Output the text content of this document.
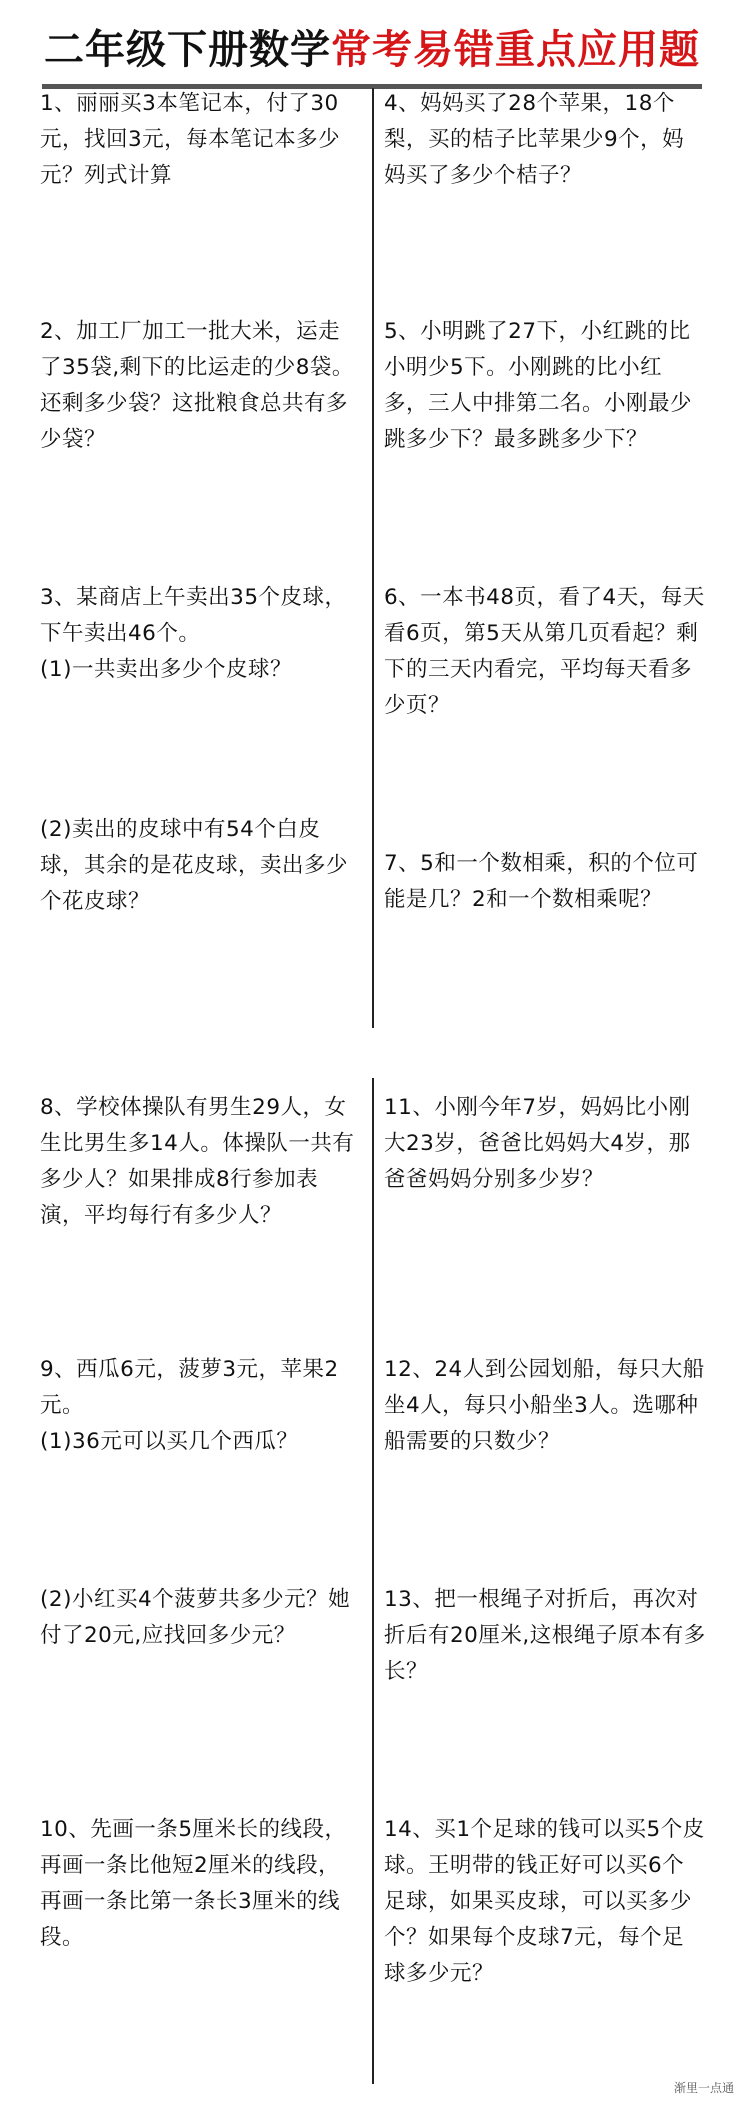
二年级下册数学常考易错重点应用题

1、丽丽买3本笔记本，付了30元，找回3元，每本笔记本多少元？列式计算

4、妈妈买了28个苹果，18个梨，买的桔子比苹果少9个，妈妈买了多少个桔子？

2、加工厂加工一批大米，运走了35袋,剩下的比运走的少8袋。还剩多少袋？这批粮食总共有多少袋？

5、小明跳了27下，小红跳的比小明少5下。小刚跳的比小红多，三人中排第二名。小刚最少跳多少下？最多跳多少下？

3、某商店上午卖出35个皮球，下午卖出46个。
(1)一共卖出多少个皮球？

6、一本书48页，看了4天，每天看6页，第5天从第几页看起？剩下的三天内看完，平均每天看多少页？

(2)卖出的皮球中有54个白皮球，其余的是花皮球，卖出多少个花皮球？

7、5和一个数相乘，积的个位可能是几？2和一个数相乘呢？

8、学校体操队有男生29人，女生比男生多14人。体操队一共有多少人？如果排成8行参加表演，平均每行有多少人？

11、小刚今年7岁，妈妈比小刚大23岁，爸爸比妈妈大4岁，那爸爸妈妈分别多少岁？

9、西瓜6元，菠萝3元，苹果2元。
(1)36元可以买几个西瓜？

12、24人到公园划船，每只大船坐4人，每只小船坐3人。选哪种船需要的只数少？

(2)小红买4个菠萝共多少元？她付了20元,应找回多少元？

13、把一根绳子对折后，再次对折后有20厘米,这根绳子原本有多长？

10、先画一条5厘米长的线段，再画一条比他短2厘米的线段，再画一条比第一条长3厘米的线段。

14、买1个足球的钱可以买5个皮球。王明带的钱正好可以买6个足球，如果买皮球，可以买多少个？如果每个皮球7元，每个足球多少元？

渐里一点通
